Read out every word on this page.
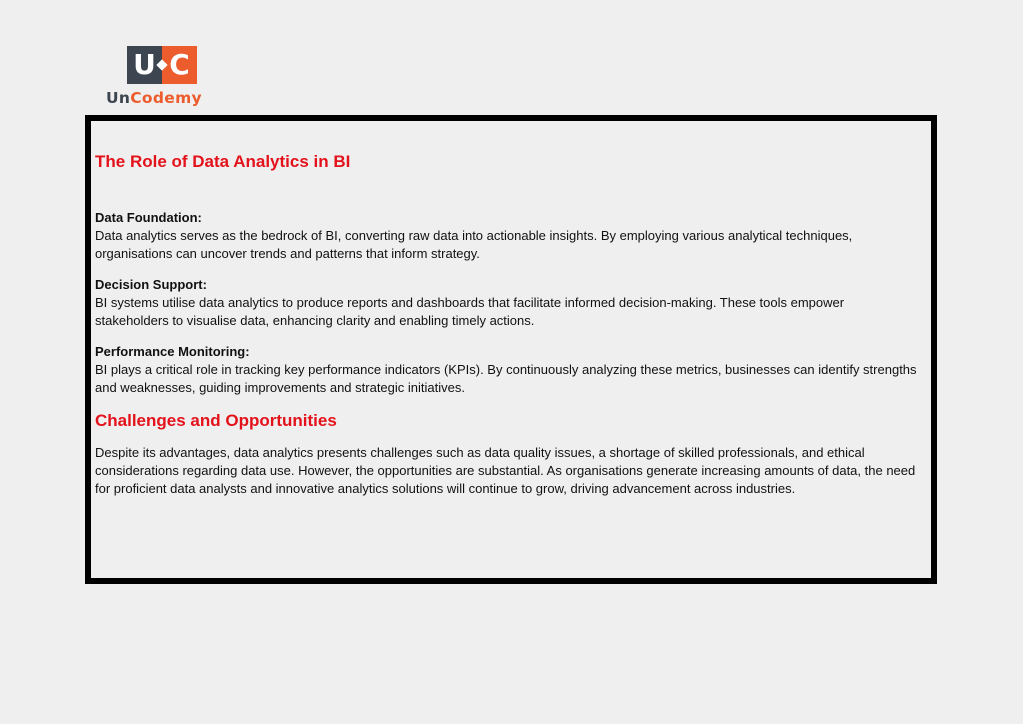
U C
UnCodemy
The Role of Data Analytics in BI
Data Foundation:
Data analytics serves as the bedrock of BI, converting raw data into actionable insights. By employing various analytical techniques, organisations can uncover trends and patterns that inform strategy.
Decision Support:
BI systems utilise data analytics to produce reports and dashboards that facilitate informed decision-making. These tools empower stakeholders to visualise data, enhancing clarity and enabling timely actions.
Performance Monitoring:
BI plays a critical role in tracking key performance indicators (KPIs). By continuously analyzing these metrics, businesses can identify strengths and weaknesses, guiding improvements and strategic initiatives.
Challenges and Opportunities

Despite its advantages, data analytics presents challenges such as data quality issues, a shortage of skilled professionals, and ethical considerations regarding data use. However, the opportunities are substantial. As organisations generate increasing amounts of data, the need for proficient data analysts and innovative analytics solutions will continue to grow, driving advancement across industries.
